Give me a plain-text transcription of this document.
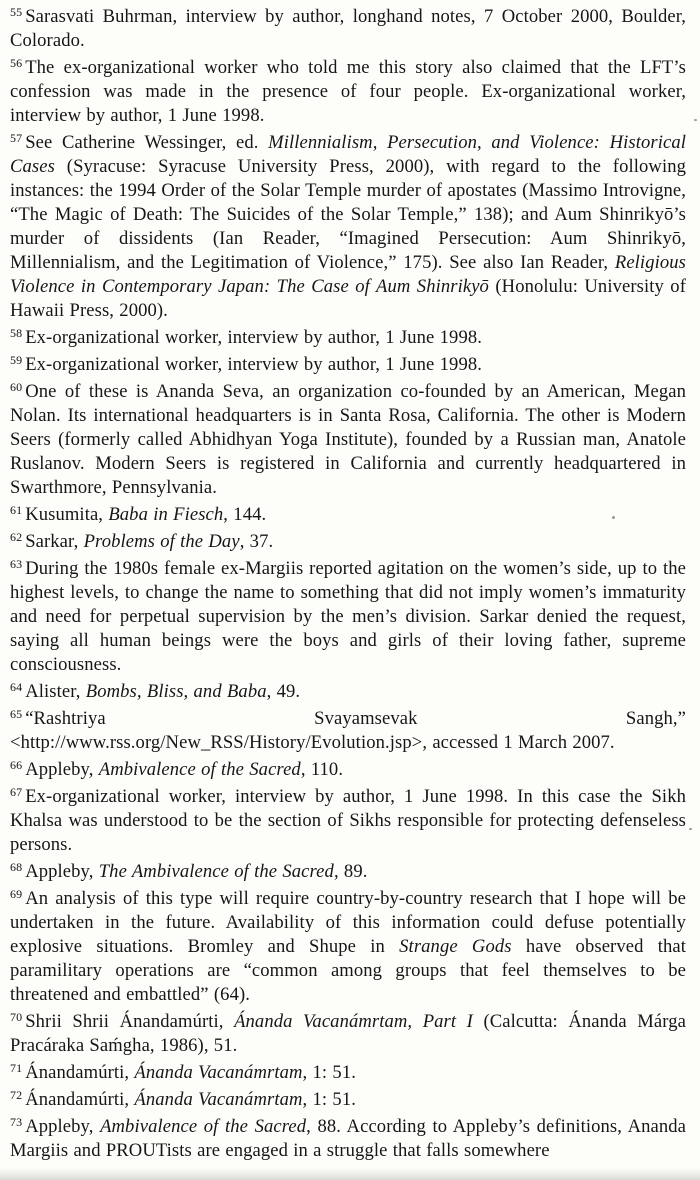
$^{55}$ Sarasvati Buhrman, interview by author, longhand notes, 7 October 2000, Boulder, Colorado.

$^{56}$ The ex-organizational worker who told me this story also claimed that the LFT’s confession was made in the presence of four people. Ex-organizational worker, interview by author, 1 June 1998.

$^{57}$ See Catherine Wessinger, ed. Millennialism, Persecution, and Violence: Historical Cases (Syracuse: Syracuse University Press, 2000), with regard to the following instances: the 1994 Order of the Solar Temple murder of apostates (Massimo Introvigne, “The Magic of Death: The Suicides of the Solar Temple,” 138); and Aum Shinrikyō’s murder of dissidents (Ian Reader, “Imagined Persecution: Aum Shinrikyō, Millennialism, and the Legitimation of Violence,” 175). See also Ian Reader, Religious Violence in Contemporary Japan: The Case of Aum Shinrikyō (Honolulu: University of Hawaii Press, 2000).

$^{58}$ Ex-organizational worker, interview by author, 1 June 1998.

$^{59}$ Ex-organizational worker, interview by author, 1 June 1998.

$^{60}$ One of these is Ananda Seva, an organization co-founded by an American, Megan Nolan. Its international headquarters is in Santa Rosa, California. The other is Modern Seers (formerly called Abhidhyan Yoga Institute), founded by a Russian man, Anatole Ruslanov. Modern Seers is registered in California and currently headquartered in Swarthmore, Pennsylvania.

$^{61}$ Kusumita, Baba in Fiesch, 144.

$^{62}$ Sarkar, Problems of the Day, 37.

$^{63}$ During the 1980s female ex-Margiis reported agitation on the women’s side, up to the highest levels, to change the name to something that did not imply women’s immaturity and need for perpetual supervision by the men’s division. Sarkar denied the request, saying all human beings were the boys and girls of their loving father, supreme consciousness.

$^{64}$ Alister, Bombs, Bliss, and Baba, 49.

$^{65}$ “Rashtriya Svayamsevak Sangh,” <http://www.rss.org/New_RSS/History/Evolution.jsp>, accessed 1 March 2007.

$^{66}$ Appleby, Ambivalence of the Sacred, 110.

$^{67}$ Ex-organizational worker, interview by author, 1 June 1998. In this case the Sikh Khalsa was understood to be the section of Sikhs responsible for protecting defenseless persons.

$^{68}$ Appleby, The Ambivalence of the Sacred, 89.

$^{69}$ An analysis of this type will require country-by-country research that I hope will be undertaken in the future. Availability of this information could defuse potentially explosive situations. Bromley and Shupe in Strange Gods have observed that paramilitary operations are “common among groups that feel themselves to be threatened and embattled” (64).

$^{70}$ Shrii Shrii Ánandamúrti, Ánanda Vacanámrtam, Part I (Calcutta: Ánanda Márga Pracáraka Saḿgha, 1986), 51.

$^{71}$ Ánandamúrti, Ánanda Vacanámrtam, 1: 51.

$^{72}$ Ánandamúrti, Ánanda Vacanámrtam, 1: 51.

$^{73}$ Appleby, Ambivalence of the Sacred, 88. According to Appleby’s definitions, Ananda Margiis and PROUTists are engaged in a struggle that falls somewhere
